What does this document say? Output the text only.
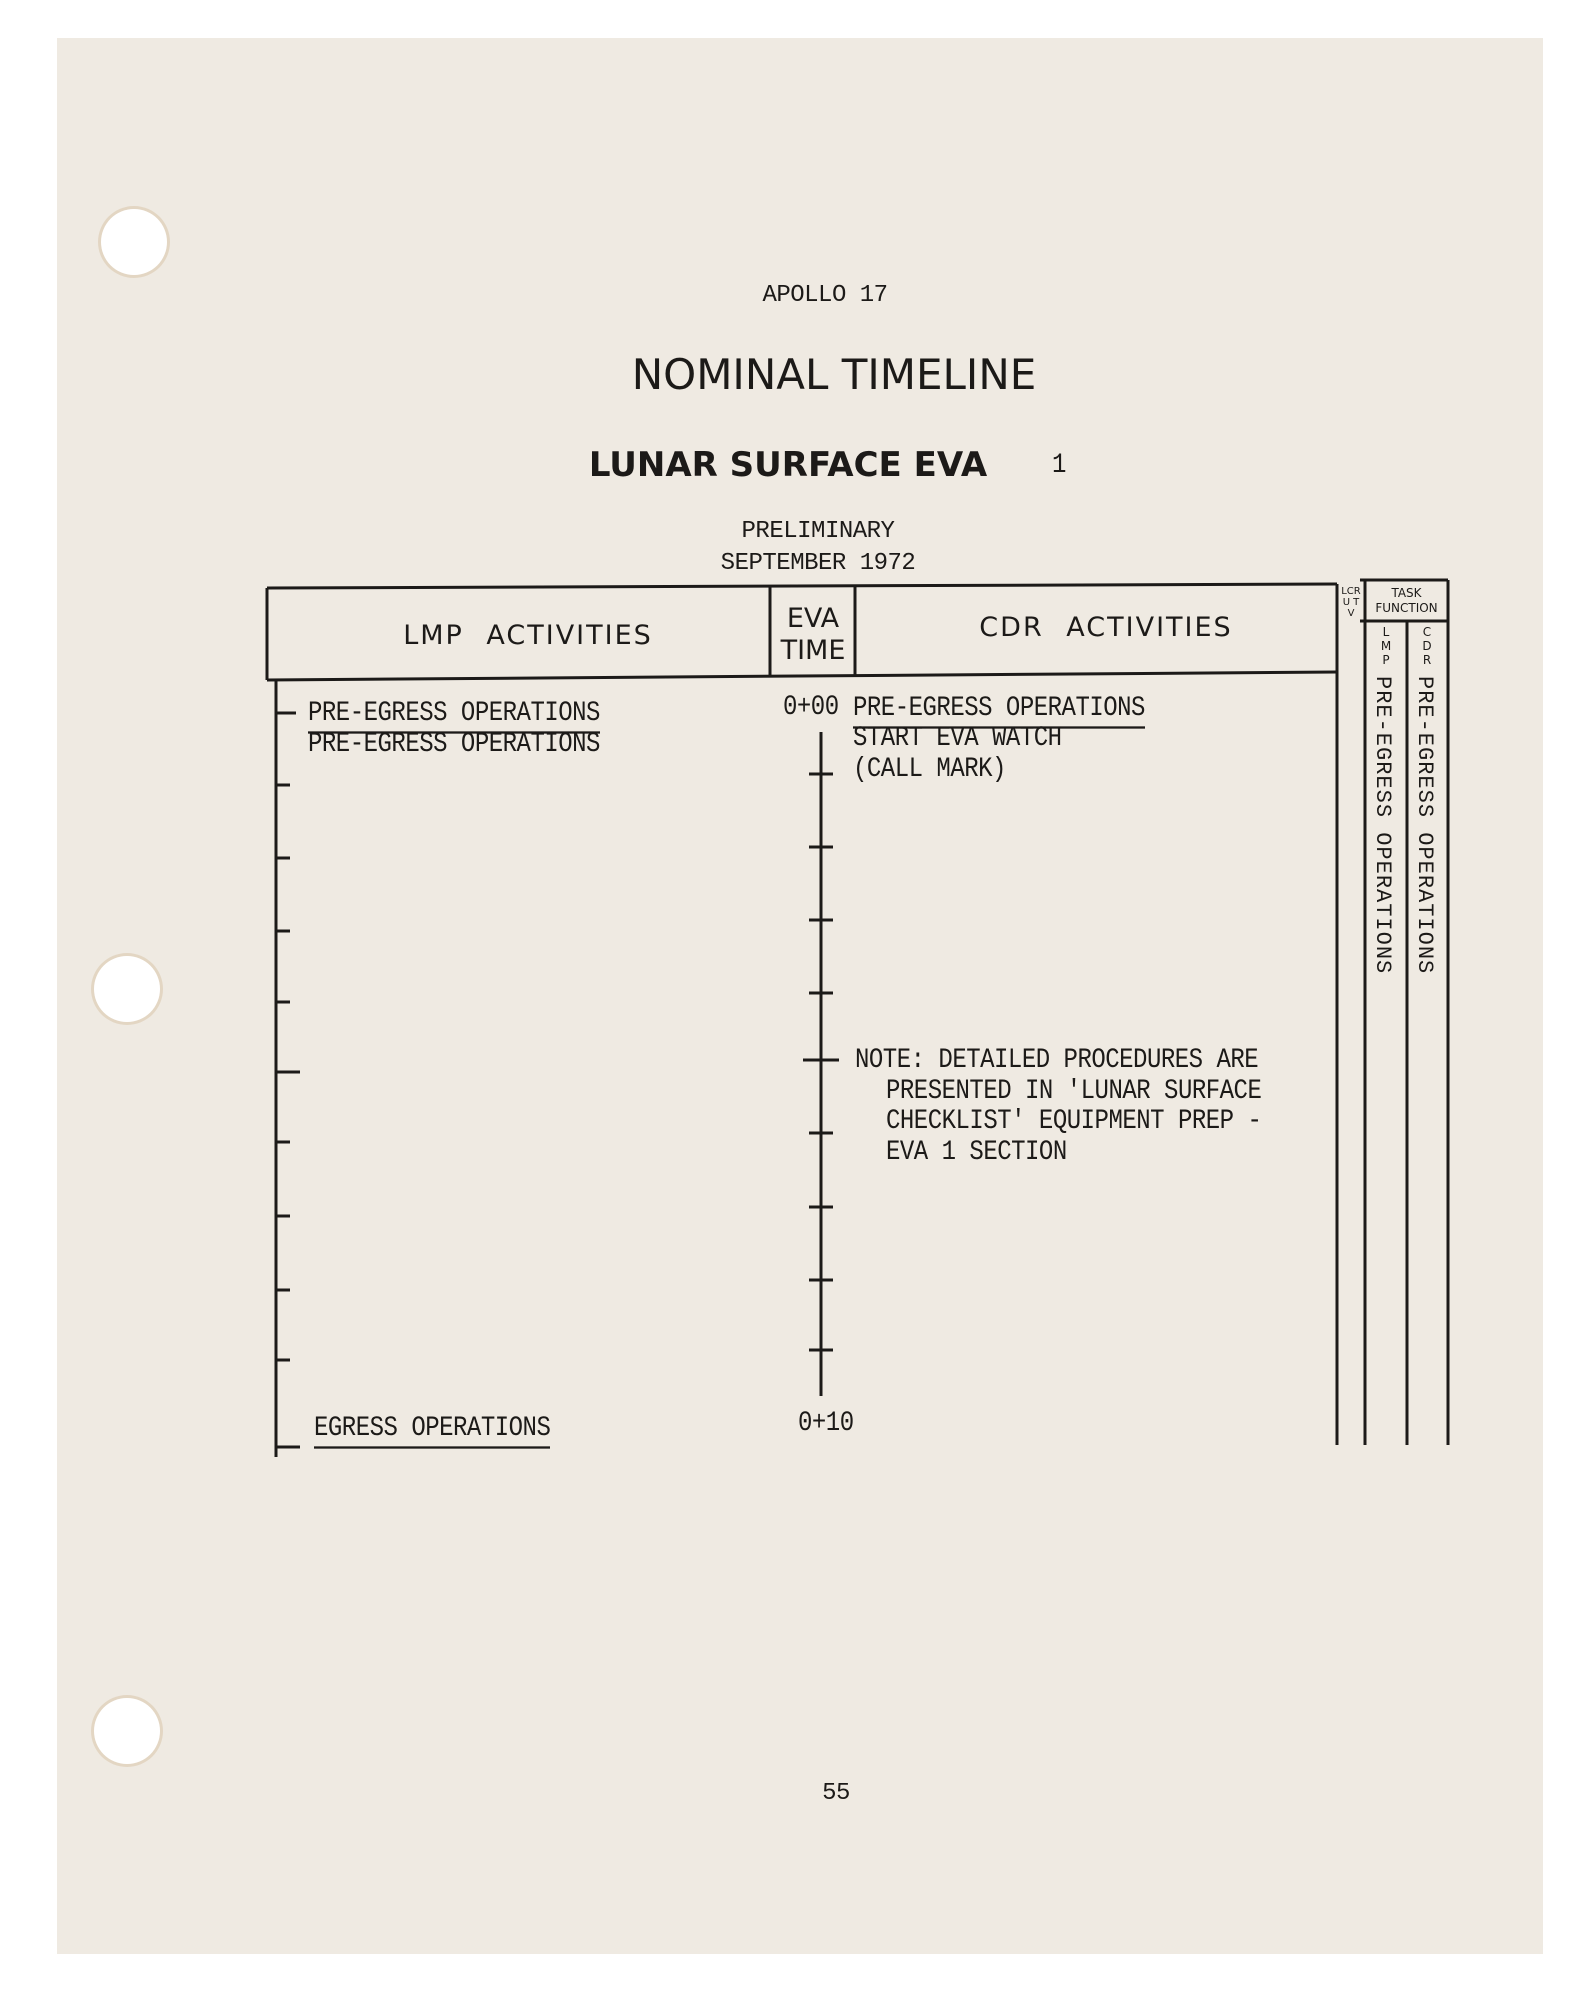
APOLLO 17
NOMINAL TIMELINE
LUNAR SURFACE EVA	1
PRELIMINARY
SEPTEMBER 1972
LMP ACTIVITIES
EVA
TIME
CDR ACTIVITIES
LCRU TV
TASK FUNCTION
LMP
CDR
PRE-EGRESS OPERATIONS
PRE-EGRESS OPERATIONS
EGRESS OPERATIONS
0+00
0+10
PRE-EGRESS OPERATIONS
START EVA WATCH
(CALL MARK)
NOTE: DETAILED PROCEDURES ARE
PRESENTED IN 'LUNAR SURFACE
CHECKLIST' EQUIPMENT PREP -
EVA 1 SECTION
PRE-EGRESS OPERATIONS PRE-EGRESS OPERATIONS
55
